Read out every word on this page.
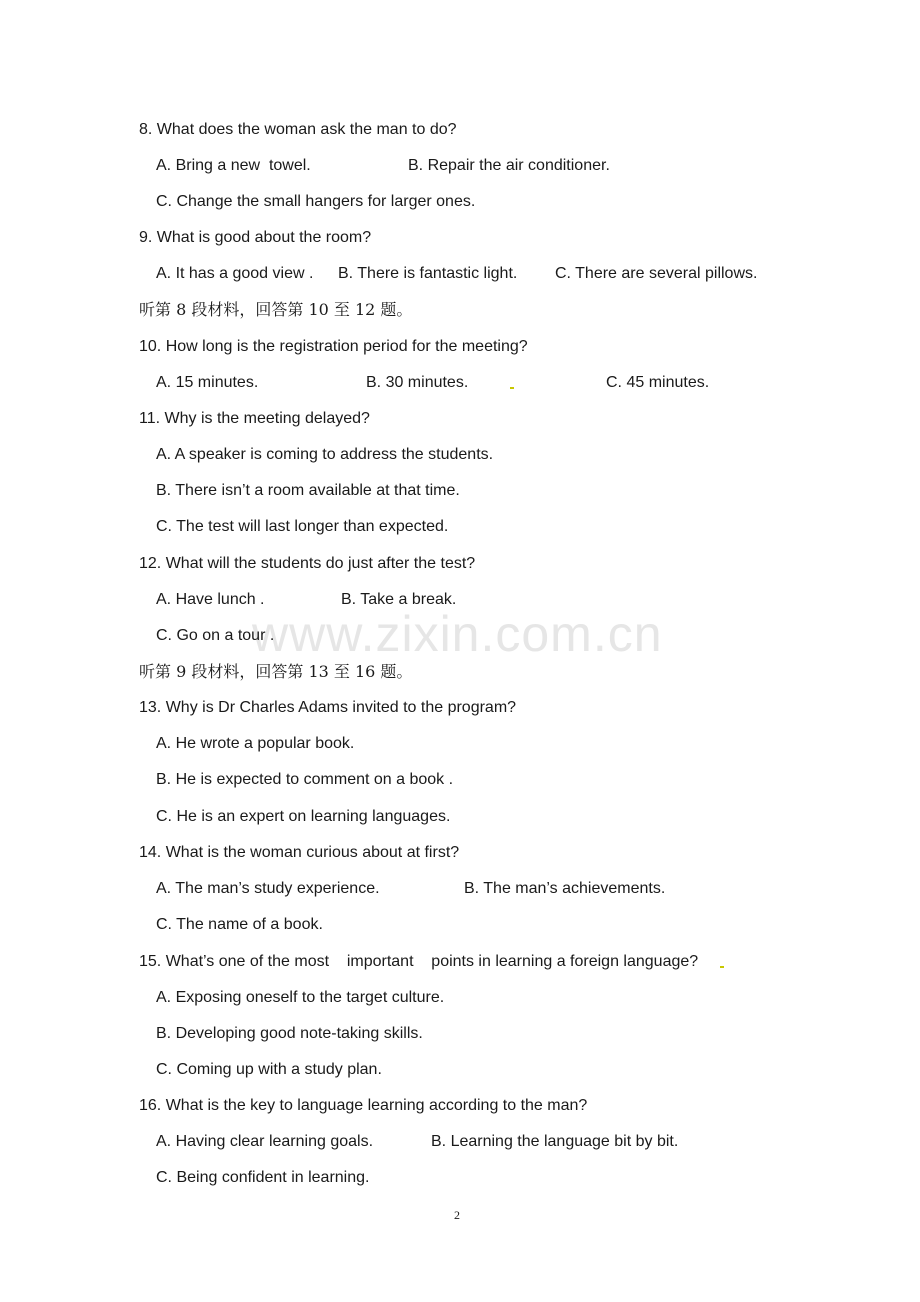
www.zixin.com.cn
8. What does the woman ask the man to do?
A. Bring a new  towel.	B. Repair the air conditioner.
C. Change the small hangers for larger ones.
9. What is good about the room?
A. It has a good view . B. There is fantastic light. C. There are several pillows.
听第 8 段材料，回答第 10 至 12 题。
10. How long is the registration period for the meeting?
A. 15 minutes.	B. 30 minutes.	C. 45 minutes.
11. Why is the meeting delayed?
A. A speaker is coming to address the students.
B. There isn’t a room available at that time.
C. The test will last longer than expected.
12. What will the students do just after the test?
A. Have lunch .	B. Take a break.
C. Go on a tour .
听第 9 段材料，回答第 13 至 16 题。
13. Why is Dr Charles Adams invited to the program?
A. He wrote a popular book.
B. He is expected to comment on a book .
C. He is an expert on learning languages.
14. What is the woman curious about at first?
A. The man’s study experience.	B. The man’s achievements.
C. The name of a book.
15. What’s one of the most    important    points in learning a foreign language?
A. Exposing oneself to the target culture.
B. Developing good note-taking skills.
C. Coming up with a study plan.
16. What is the key to language learning according to the man?
A. Having clear learning goals.	B. Learning the language bit by bit.
C. Being confident in learning.
2
